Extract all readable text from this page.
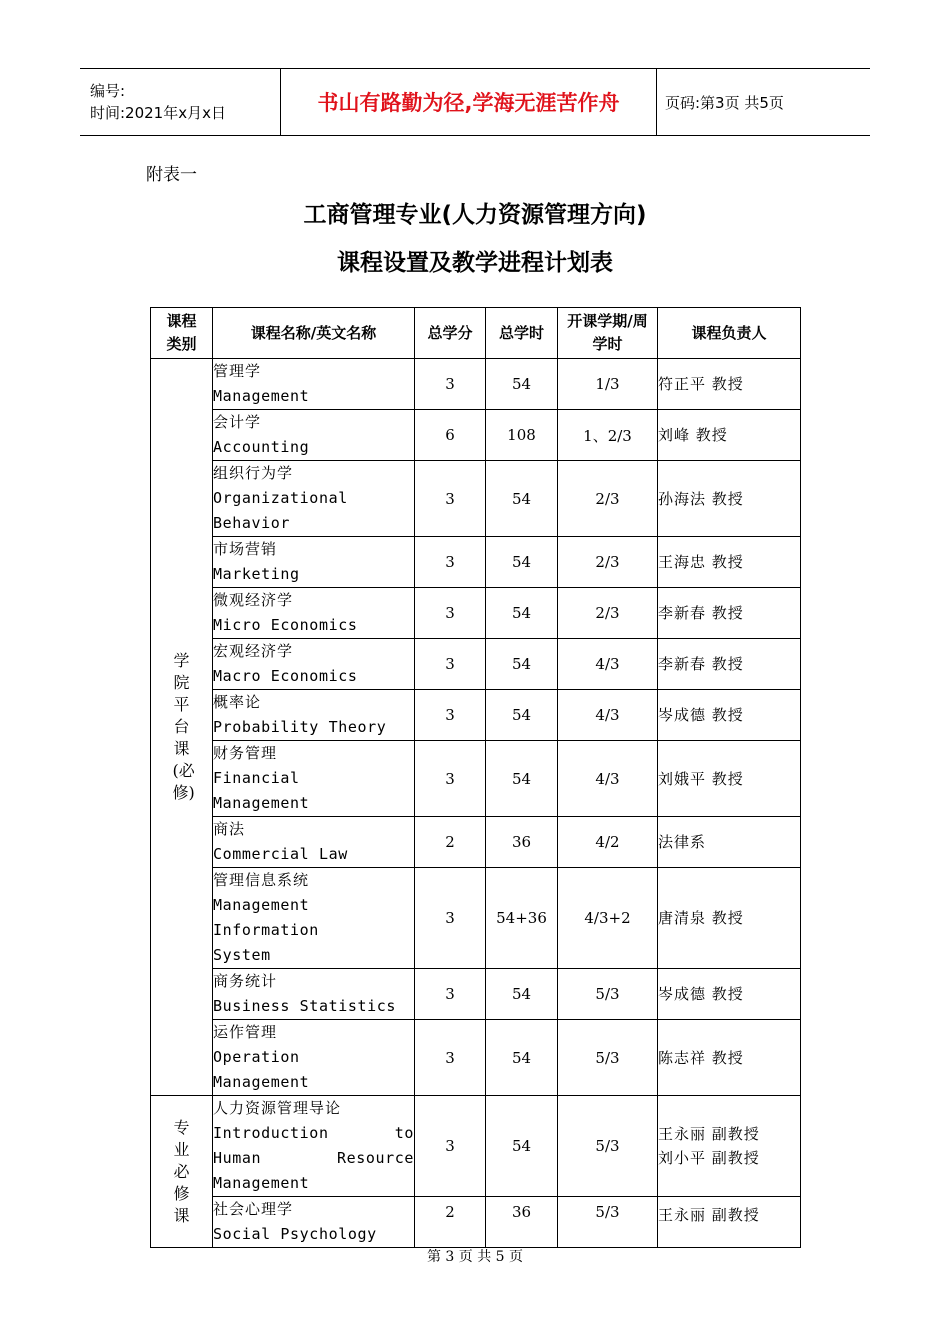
编号:
时间:2021年x月x日	书山有路勤为径,学海无涯苦作舟	页码:第3页 共5页
附表一
工商管理专业(人力资源管理方向)
课程设置及教学进程计划表
课程类别	课程名称/英文名称	总学分	总学时	开课学期/周学时	课程负责人
学院平台课(必修)	管理学
Management	3	54	1/3	符正平 教授

	会计学
Accounting	6	108	1、2/3	刘峰 教授

	组织行为学
Organizational Behavior	3	54	2/3	孙海法 教授

	市场营销
Marketing	3	54	2/3	王海忠 教授

	微观经济学
Micro Economics	3	54	2/3	李新春 教授

	宏观经济学
Macro Economics	3	54	4/3	李新春 教授

	概率论
Probability Theory	3	54	4/3	岑成德 教授

	财务管理
Financial Management	3	54	4/3	刘娥平 教授

	商法
Commercial Law	2	36	4/2	法律系

	管理信息系统
Management Information System	3	54+36	4/3+2	唐清泉 教授

	商务统计
Business Statistics	3	54	5/3	岑成德 教授

	运作管理
Operation Management	3	54	5/3	陈志祥 教授
专业必修课	人力资源管理导论
Introduction to Human Resource Management	3	54	5/3	王永丽 副教授
刘小平 副教授

	社会心理学
Social Psychology	2	36	5/3	王永丽 副教授
第 3 页 共 5 页
